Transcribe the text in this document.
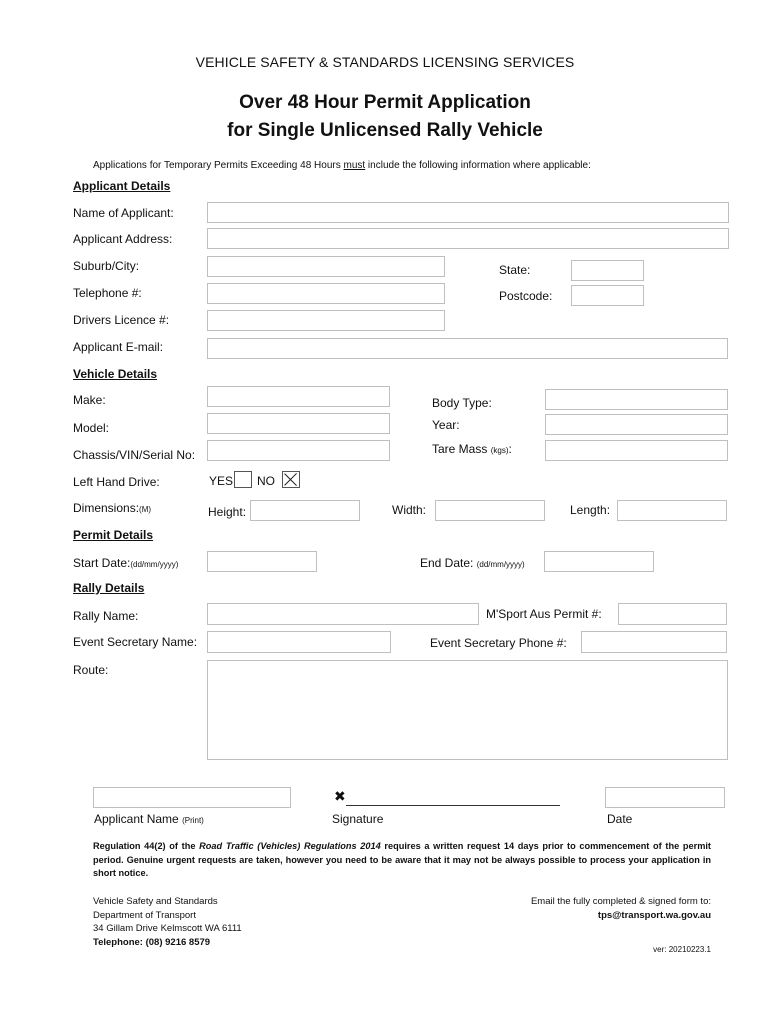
VEHICLE SAFETY & STANDARDS LICENSING SERVICES
Over 48 Hour Permit Application
for Single Unlicensed Rally Vehicle
Applications for Temporary Permits Exceeding 48 Hours must include the following information where applicable:
Applicant Details
Name of Applicant:
Applicant Address:
Suburb/City:	State:
Telephone #:	Postcode:
Drivers Licence #:
Applicant E-mail:
Vehicle Details
Make:	Body Type:
Model:	Year:
Chassis/VIN/Serial No:	Tare Mass (kgs):
Left Hand Drive:	YES NO
Dimensions:(M)	Height:	Width:	Length:
Permit Details
Start Date:(dd/mm/yyyy)	End Date: (dd/mm/yyyy)
Rally Details
Rally Name:	M'Sport Aus Permit #:
Event Secretary Name:	Event Secretary Phone #:
Route:
Applicant Name (Print)
✖
Signature	Date
Regulation 44(2) of the Road Traffic (Vehicles) Regulations 2014 requires a written request 14 days prior to commencement of the permit period. Genuine urgent requests are taken, however you need to be aware that it may not be always possible to process your application in short notice.
Vehicle Safety and Standards
Department of Transport
34 Gillam Drive Kelmscott WA 6111
Telephone: (08) 9216 8579
Email the fully completed & signed form to:
tps@transport.wa.gov.au
ver: 20210223.1
